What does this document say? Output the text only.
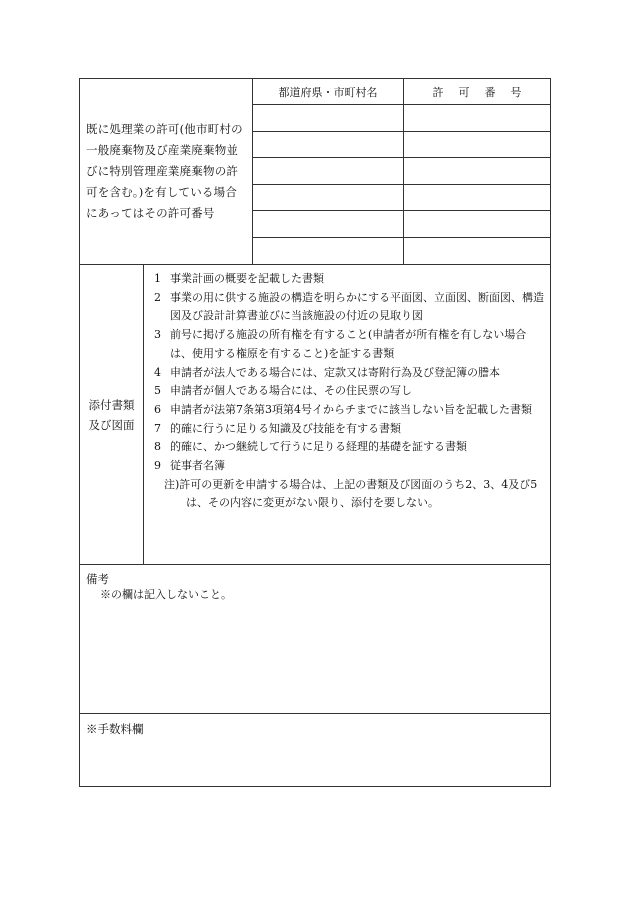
既に処理業の許可(他市町村の一般廃棄物及び産業廃棄物並びに特別管理産業廃棄物の許可を含む。)を有している場合にあってはその許可番号

都道府県・市町村名	許可番号

添付書類
及び図面

1 事業計画の概要を記載した書類
2 事業の用に供する施設の構造を明らかにする平面図、立面図、断面図、構造図及び設計計算書並びに当該施設の付近の見取り図
3 前号に掲げる施設の所有権を有すること(申請者が所有権を有しない場合は、使用する権原を有すること)を証する書類
4 申請者が法人である場合には、定款又は寄附行為及び登記簿の謄本
5 申請者が個人である場合には、その住民票の写し
6 申請者が法第7条第3項第4号イからチまでに該当しない旨を記載した書類
7 的確に行うに足りる知識及び技能を有する書類
8 的確に、かつ継続して行うに足りる経理的基礎を証する書類
9 従事者名簿
注)許可の更新を申請する場合は、上記の書類及び図面のうち2、3、4及び5は、その内容に変更がない限り、添付を要しない。
備考
※の欄は記入しないこと。
※手数料欄
